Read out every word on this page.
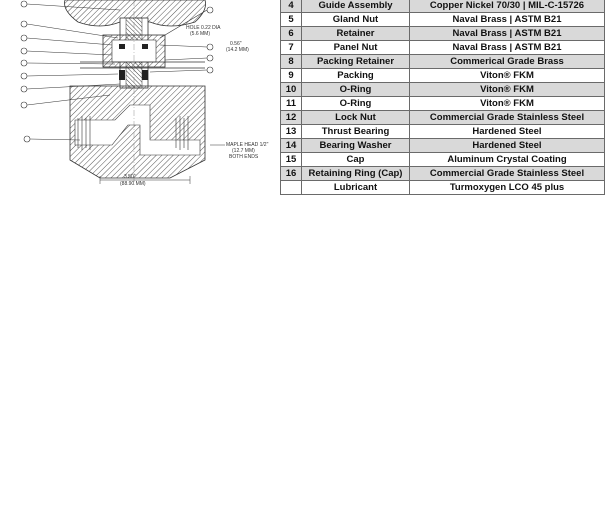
HOLE 0.22 DIA
(5.6 MM)
0.56"
(14.2 MM)
3.50"
(88.90 MM)
MAPLE HEAD 1/2"
(12.7 MM)
BOTH ENDS
4	Guide Assembly	Copper Nickel 70/30 | MIL-C-15726
5	Gland Nut	Naval Brass | ASTM B21
6	Retainer	Naval Brass | ASTM B21
7	Panel Nut	Naval Brass | ASTM B21
8	Packing Retainer	Commerical Grade Brass
9	Packing	Viton® FKM
10	O-Ring	Viton® FKM
11	O-Ring	Viton® FKM
12	Lock Nut	Commercial Grade Stainless Steel
13	Thrust Bearing	Hardened Steel
14	Bearing Washer	Hardened Steel
15	Cap	Aluminum Crystal Coating
16	Retaining Ring (Cap)	Commercial Grade Stainless Steel
	Lubricant	Turmoxygen LCO 45 plus
